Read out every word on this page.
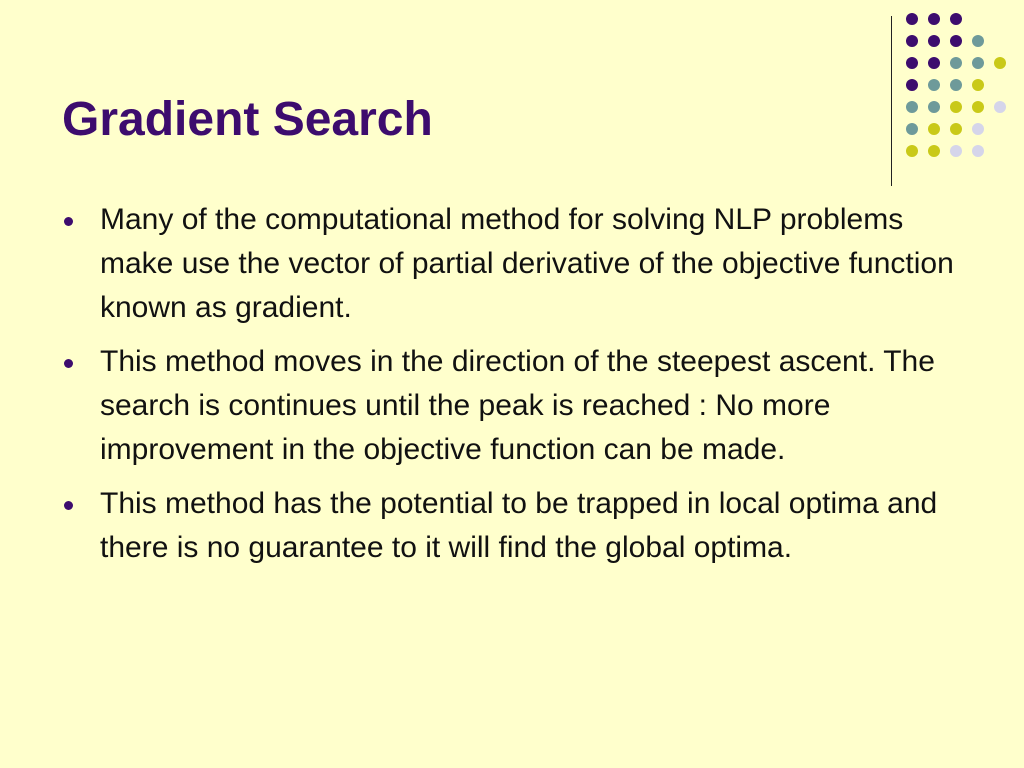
Gradient Search
Many of the computational method for solving NLP problems make use the vector of partial derivative of the objective function known as gradient.
This method moves in the direction of the steepest ascent. The search is continues until the peak is reached : No more improvement in the objective function can be made.
This method has the potential to be trapped in local optima and there is no guarantee to it will find the global optima.
